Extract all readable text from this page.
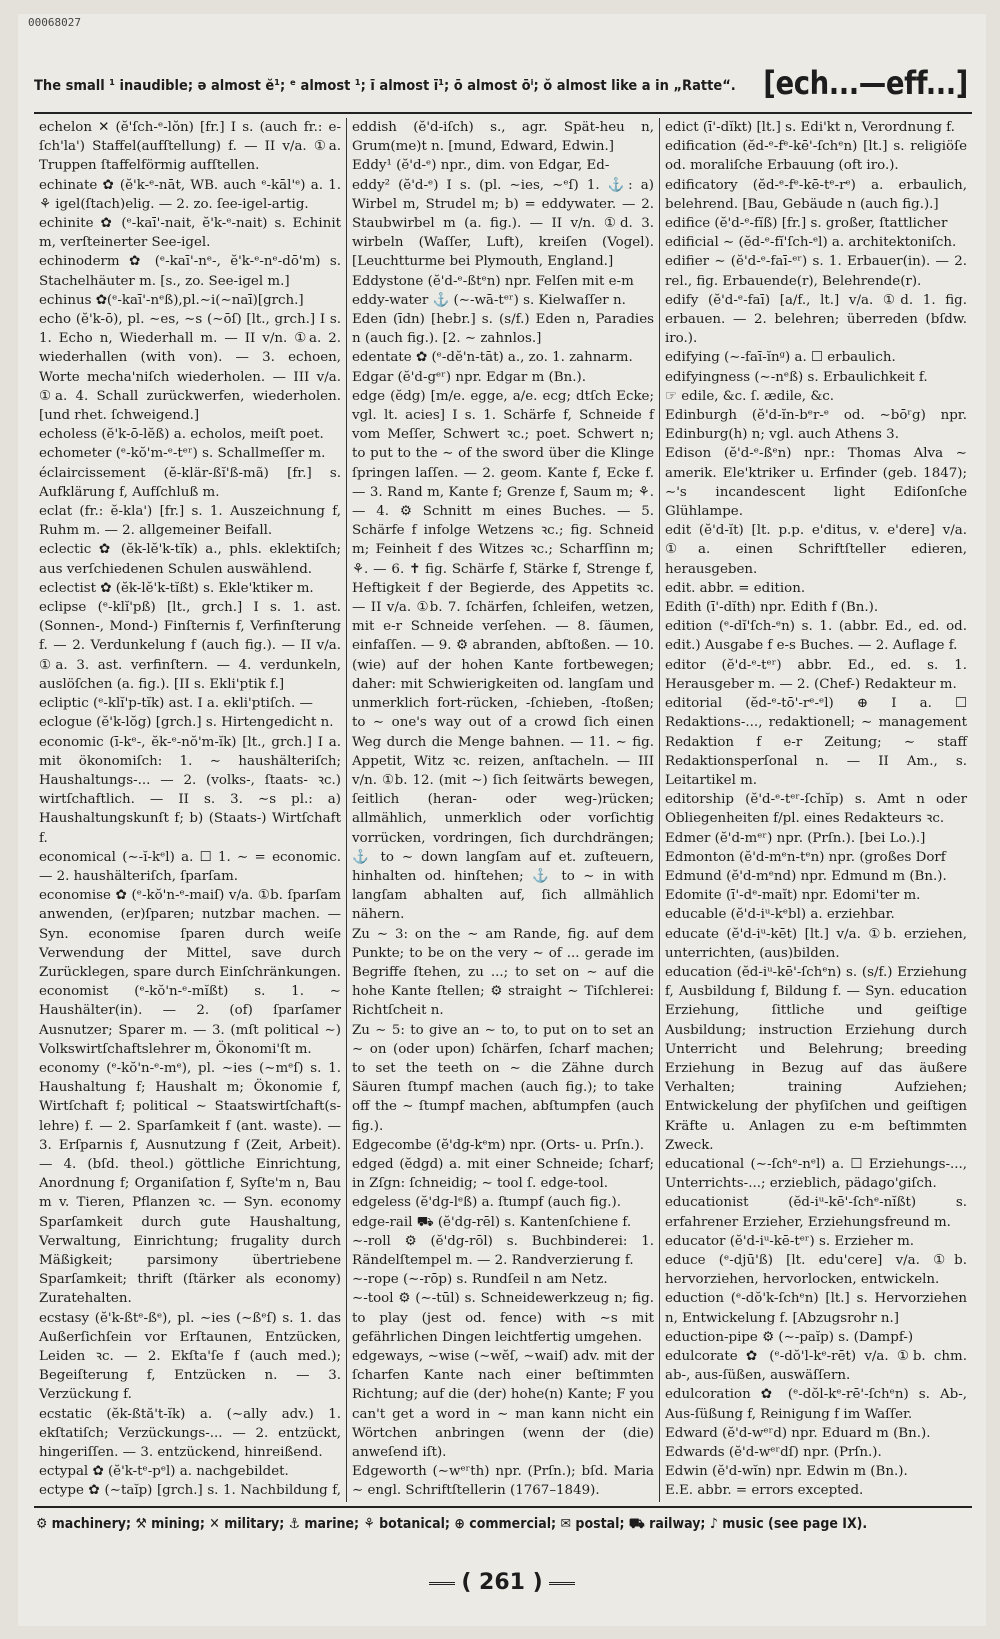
00068027
The small ¹ inaudible; ə almost ĕ¹; ᵉ almost ¹; ī almost ī¹; ō almost ōⁱ; ŏ almost like a in „Ratte“. [ech...—eff...]

echelon ✕ (ĕ'ſch-ᵉ-lŏn) [fr.] I s. (auch fr.: e-ſch'la') Staffel(aufſtellung) f. — II v/a. ①a. Truppen ſtaffelförmig aufſtellen.

echinate ✿ (ĕ'k-ᵉ-nāt, WB. auch ᵉ-kāl'ᵉ) a. 1. ⚘ igel(ſtach)elig. — 2. zo. ſee-igel-artig.

echinite ✿ (ᵉ-kaī'-nait, ĕ'k-ᵉ-nait) s. Echinit m, verſteinerter See-igel.

echinoderm ✿ (ᵉ-kaī'-nᵉ-, ĕ'k-ᵉ-nᵉ-dō'm) s. Stachelhäuter m. [s., zo. See-igel m.]

echinus ✿(ᵉ-kaī'-nᵉß),pl.∼i(∼naī)[grch.]

echo (ĕ'k-ō), pl. ∼es, ∼s (∼ōſ) [lt., grch.] I s. 1. Echo n, Wiederhall m. — II v/n. ①a. 2. wiederhallen (with von). — 3. echoen, Worte mecha'niſch wiederholen. — III v/a. ①a. 4. Schall zurückwerfen, wiederholen. [und rhet. ſchweigend.]

echoless (ĕ'k-ō-lĕß) a. echolos, meiſt poet.

echometer (ᵉ-kŏ'm-ᵉ-tᵉʳ) s. Schallmeſſer m.

éclaircissement (ĕ-klär-ßĭ'ß-mã) [fr.] s. Aufklärung f, Aufſchluß m.

eclat (fr.: ĕ-kla') [fr.] s. 1. Auszeichnung f, Ruhm m. — 2. allgemeiner Beifall.

eclectic ✿ (ĕk-lĕ'k-tĭk) a., phls. eklektiſch; aus verſchiedenen Schulen auswählend.

eclectist ✿ (ĕk-lĕ'k-tĭßt) s. Ekle'ktiker m.

eclipse (ᵉ-klĭ'pß) [lt., grch.] I s. 1. ast. (Sonnen-, Mond-) Finſternis f, Verfinſterung f. — 2. Verdunkelung f (auch fig.). — II v/a. ①a. 3. ast. verfinſtern. — 4. verdunkeln, auslöſchen (a. fig.). [II s. Ekli'ptik f.]

ecliptic (ᵉ-klĭ'p-tĭk) ast. I a. ekli'ptiſch. —

eclogue (ĕ'k-lŏg) [grch.] s. Hirtengedicht n.

economic (ī-kᵉ-, ĕk-ᵉ-nŏ'm-ĭk) [lt., grch.] I a. mit ökonomiſch: 1. ∼ haushälteriſch; Haushaltungs-... — 2. (volks-, ſtaats- ꝛc.) wirtſchaftlich. — II s. 3. ∼s pl.: a) Haushaltungskunſt f; b) (Staats-) Wirtſchaft f.

economical (∼-ĭ-kᵉl) a. ☐ 1. ∼ = economic. — 2. haushälteriſch, ſparſam.

economise ✿ (ᵉ-kŏ'n-ᵉ-maiſ) v/a. ①b. ſparſam anwenden, (er)ſparen; nutzbar machen. — Syn. economise ſparen durch weiſe Verwendung der Mittel, save durch Zurücklegen, spare durch Einſchränkungen.

economist (ᵉ-kŏ'n-ᵉ-mĭßt) s. 1. ∼ Haushälter(in). — 2. (of) ſparſamer Ausnutzer; Sparer m. — 3. (mſt political ∼) Volkswirtſchaftslehrer m, Ökonomi'ſt m.

economy (ᵉ-kŏ'n-ᵉ-mᵉ), pl. ∼ies (∼mᵉſ) s. 1. Haushaltung f; Haushalt m; Ökonomie f, Wirtſchaft f; political ∼ Staatswirtſchaft(s-lehre) f. — 2. Sparſamkeit f (ant. waste). — 3. Erſparnis f, Ausnutzung f (Zeit, Arbeit). — 4. (bſd. theol.) göttliche Einrichtung, Anordnung f; Organiſation f, Syſte'm n, Bau m v. Tieren, Pflanzen ꝛc. — Syn. economy Sparſamkeit durch gute Haushaltung, Verwaltung, Einrichtung; frugality durch Mäßigkeit; parsimony übertriebene Sparſamkeit; thrift (ſtärker als economy) Zuratehalten.

ecstasy (ĕ'k-ßtᵉ-ßᵉ), pl. ∼ies (∼ßᵉſ) s. 1. das Außerſichſein vor Erſtaunen, Entzücken, Leiden ꝛc. — 2. Ekſta'ſe f (auch med.); Begeiſterung f, Entzücken n. — 3. Verzückung f.

ecstatic (ĕk-ßtă't-ĭk) a. (∼ally adv.) 1. ekſtatiſch; Verzückungs-... — 2. entzückt, hingeriſſen. — 3. entzückend, hinreißend.

ectypal ✿ (ĕ'k-tᵉ-pᵉl) a. nachgebildet.

ectype ✿ (∼taĭp) [grch.] s. 1. Nachbildung f,

eddish (ĕ'd-iſch) s., agr. Spät-heu n, Grum(me)t n. [mund, Edward, Edwin.]

Eddy¹ (ĕ'd-ᵉ) npr., dim. von Edgar, Ed-

eddy² (ĕ'd-ᵉ) I s. (pl. ∼ies, ∼ᵉſ) 1. ⚓: a) Wirbel m, Strudel m; b) = eddywater. — 2. Staubwirbel m (a. fig.). — II v/n. ①d. 3. wirbeln (Waſſer, Luft), kreiſen (Vogel). [Leuchtturme bei Plymouth, England.]

Eddystone (ĕ'd-ᵉ-ßtᵉn) npr. Felſen mit e-m

eddy-water ⚓ (∼-wā-tᵉʳ) s. Kielwaſſer n.

Eden (īdn) [hebr.] s. (s/f.) Eden n, Paradies n (auch fig.). [2. ∼ zahnlos.]

edentate ✿ (ᵉ-dĕ'n-tāt) a., zo. 1. zahnarm.

Edgar (ĕ'd-gᵉʳ) npr. Edgar m (Bn.).

edge (ĕdg) [m/e. egge, a/e. ecg; dtſch Ecke; vgl. lt. acies] I s. 1. Schärfe f, Schneide f vom Meſſer, Schwert ꝛc.; poet. Schwert n; to put to the ∼ of the sword über die Klinge ſpringen laſſen. — 2. geom. Kante f, Ecke f. — 3. Rand m, Kante f; Grenze f, Saum m; ⚘. — 4. ⚙ Schnitt m eines Buches. — 5. Schärfe f infolge Wetzens ꝛc.; fig. Schneid m; Feinheit f des Witzes ꝛc.; Scharfſinn m; ⚘. — 6. ✝ fig. Schärfe f, Stärke f, Strenge f, Heftigkeit f der Begierde, des Appetits ꝛc. — II v/a. ①b. 7. ſchärfen, ſchleifen, wetzen, mit e-r Schneide verſehen. — 8. ſäumen, einfaſſen. — 9. ⚙ abranden, abſtoßen. — 10. (wie) auf der hohen Kante fortbewegen; daher: mit Schwierigkeiten od. langſam und unmerklich fort-rücken, -ſchieben, -ſtoßen; to ∼ one's way out of a crowd ſich einen Weg durch die Menge bahnen. — 11. ∼ fig. Appetit, Witz ꝛc. reizen, anſtacheln. — III v/n. ①b. 12. (mit ∼) ſich ſeitwärts bewegen, ſeitlich (heran- oder weg-)rücken; allmählich, unmerklich oder vorſichtig vorrücken, vordringen, ſich durchdrängen; ⚓ to ∼ down langſam auf et. zuſteuern, hinhalten od. hinſtehen; ⚓ to ∼ in with langſam abhalten auf, ſich allmählich nähern.

Zu ∼ 3: on the ∼ am Rande, fig. auf dem Punkte; to be on the very ∼ of ... gerade im Begriffe ſtehen, zu ...; to set on ∼ auf die hohe Kante ſtellen; ⚙ straight ∼ Tiſchlerei: Richtſcheit n.

Zu ∼ 5: to give an ∼ to, to put on to set an ∼ on (oder upon) ſchärfen, ſcharf machen; to set the teeth on ∼ die Zähne durch Säuren ſtumpf machen (auch fig.); to take off the ∼ ſtumpf machen, abſtumpfen (auch fig.).

Edgecombe (ĕ'dg-kᵉm) npr. (Orts- u. Prſn.).

edged (ĕdgd) a. mit einer Schneide; ſcharf; in Zſgn: ſchneidig; ∼ tool ſ. edge-tool.

edgeless (ĕ'dg-lᵉß) a. ſtumpf (auch fig.).

edge-rail ⛟ (ĕ'dg-rēl) s. Kantenſchiene f.

∼-roll ⚙ (ĕ'dg-rōl) s. Buchbinderei: 1. Rändelſtempel m. — 2. Randverzierung f.

∼-rope (∼-rōp) s. Rundſeil n am Netz.

∼-tool ⚙ (∼-tūl) s. Schneidewerkzeug n; fig. to play (jest od. fence) with ∼s mit gefährlichen Dingen leichtfertig umgehen.

edgeways, ∼wise (∼wĕſ, ∼waiſ) adv. mit der ſcharfen Kante nach einer beſtimmten Richtung; auf die (der) hohe(n) Kante; F you can't get a word in ∼ man kann nicht ein Wörtchen anbringen (wenn der (die) anweſend iſt).

Edgeworth (∼wᵉʳth) npr. (Prſn.); bſd. Maria ∼ engl. Schriftſtellerin (1767–1849).

edict (ī'-dĭkt) [lt.] s. Edi'kt n, Verordnung f.

edification (ĕd-ᵉ-fᵉ-kē'-ſchᵉn) [lt.] s. religiöſe od. moraliſche Erbauung (oft iro.).

edificatory (ĕd-ᵉ-fᵉ-kē-tᵉ-rᵉ) a. erbaulich, belehrend. [Bau, Gebäude n (auch fig.).]

edifice (ĕ'd-ᵉ-fĭß) [fr.] s. großer, ſtattlicher

edificial ∼ (ĕd-ᵉ-fĭ'ſch-ᵉl) a. architektoniſch.

edifier ∼ (ĕ'd-ᵉ-faī-ᵉʳ) s. 1. Erbauer(in). — 2. rel., fig. Erbauende(r), Belehrende(r).

edify (ĕ'd-ᵉ-faī) [a/f., lt.] v/a. ①d. 1. fig. erbauen. — 2. belehren; überreden (bſdw. iro.).

edifying (∼-faī-ĭnᵍ) a. ☐ erbaulich.

edifyingness (∼-nᵉß) s. Erbaulichkeit f.

☞ edile, &c. ſ. ædile, &c.

Edinburgh (ĕ'd-ĭn-bᵉr-ᵉ od. ∼bōʳg) npr. Edinburg(h) n; vgl. auch Athens 3.

Edison (ĕ'd-ᵉ-ßᵉn) npr.: Thomas Alva ∼ amerik. Ele'ktriker u. Erfinder (geb. 1847); ∼'s incandescent light Ediſonſche Glühlampe.

edit (ĕ'd-ĭt) [lt. p.p. e'ditus, v. e'dere] v/a. ①a. einen Schriftſteller edieren, herausgeben.

edit. abbr. = edition.

Edith (ī'-dĭth) npr. Edith f (Bn.).

edition (ᵉ-dĭ'ſch-ᵉn) s. 1. (abbr. Ed., ed. od. edit.) Ausgabe f e-s Buches. — 2. Auflage f.

editor (ĕ'd-ᵉ-tᵉʳ) abbr. Ed., ed. s. 1. Herausgeber m. — 2. (Chef-) Redakteur m.

editorial (ĕd-ᵉ-tō'-rᵉ-ᵉl) ⊕ I a. ☐ Redaktions-..., redaktionell; ∼ management Redaktion f e-r Zeitung; ∼ staff Redaktionsperſonal n. — II Am., s. Leitartikel m.

editorship (ĕ'd-ᵉ-tᵉʳ-ſchĭp) s. Amt n oder Obliegenheiten f/pl. eines Redakteurs ꝛc.

Edmer (ĕ'd-mᵉʳ) npr. (Prſn.). [bei Lo.).]

Edmonton (ĕ'd-mᵉn-tᵉn) npr. (großes Dorf

Edmund (ĕ'd-mᵉnd) npr. Edmund m (Bn.).

Edomite (ī'-dᵉ-maĭt) npr. Edomi'ter m.

educable (ĕ'd-iᵘ-kᵉbl) a. erziehbar.

educate (ĕ'd-iᵘ-kēt) [lt.] v/a. ①b. erziehen, unterrichten, (aus)bilden.

education (ĕd-iᵘ-kē'-ſchᵉn) s. (s/f.) Erziehung f, Ausbildung f, Bildung f. — Syn. education Erziehung, ſittliche und geiſtige Ausbildung; instruction Erziehung durch Unterricht und Belehrung; breeding Erziehung in Bezug auf das äußere Verhalten; training Aufziehen; Entwickelung der phyſiſchen und geiſtigen Kräfte u. Anlagen zu e-m beſtimmten Zweck.

educational (∼-ſchᵉ-nᵉl) a. ☐ Erziehungs-..., Unterrichts-...; erzieblich, pädago'giſch.

educationist (ĕd-iᵘ-kē'-ſchᵉ-nĭßt) s. erfahrener Erzieher, Erziehungsfreund m.

educator (ĕ'd-iᵘ-kē-tᵉʳ) s. Erzieher m.

educe (ᵉ-djū'ß) [lt. edu'cere] v/a. ①b. hervorziehen, hervorlocken, entwickeln.

eduction (ᵉ-dŏ'k-ſchᵉn) [lt.] s. Hervorziehen n, Entwickelung f. [Abzugsrohr n.]

eduction-pipe ⚙ (∼-paĭp) s. (Dampf-)

edulcorate ✿ (ᵉ-dŏ'l-kᵉ-rēt) v/a. ①b. chm. ab-, aus-ſüßen, auswäſſern.

edulcoration ✿ (ᵉ-dŏl-kᵉ-rē'-ſchᵉn) s. Ab-, Aus-ſüßung f, Reinigung f im Waſſer.

Edward (ĕ'd-wᵉʳd) npr. Eduard m (Bn.).

Edwards (ĕ'd-wᵉʳdſ) npr. (Prſn.).

Edwin (ĕ'd-wĭn) npr. Edwin m (Bn.).

E.E. abbr. = errors excepted.

⚙ machinery; ⚒ mining; ✕ military; ⚓ marine; ⚘ botanical; ⊕ commercial; ✉ postal; ⛟ railway; ♪ music (see page IX).
( 261 )
